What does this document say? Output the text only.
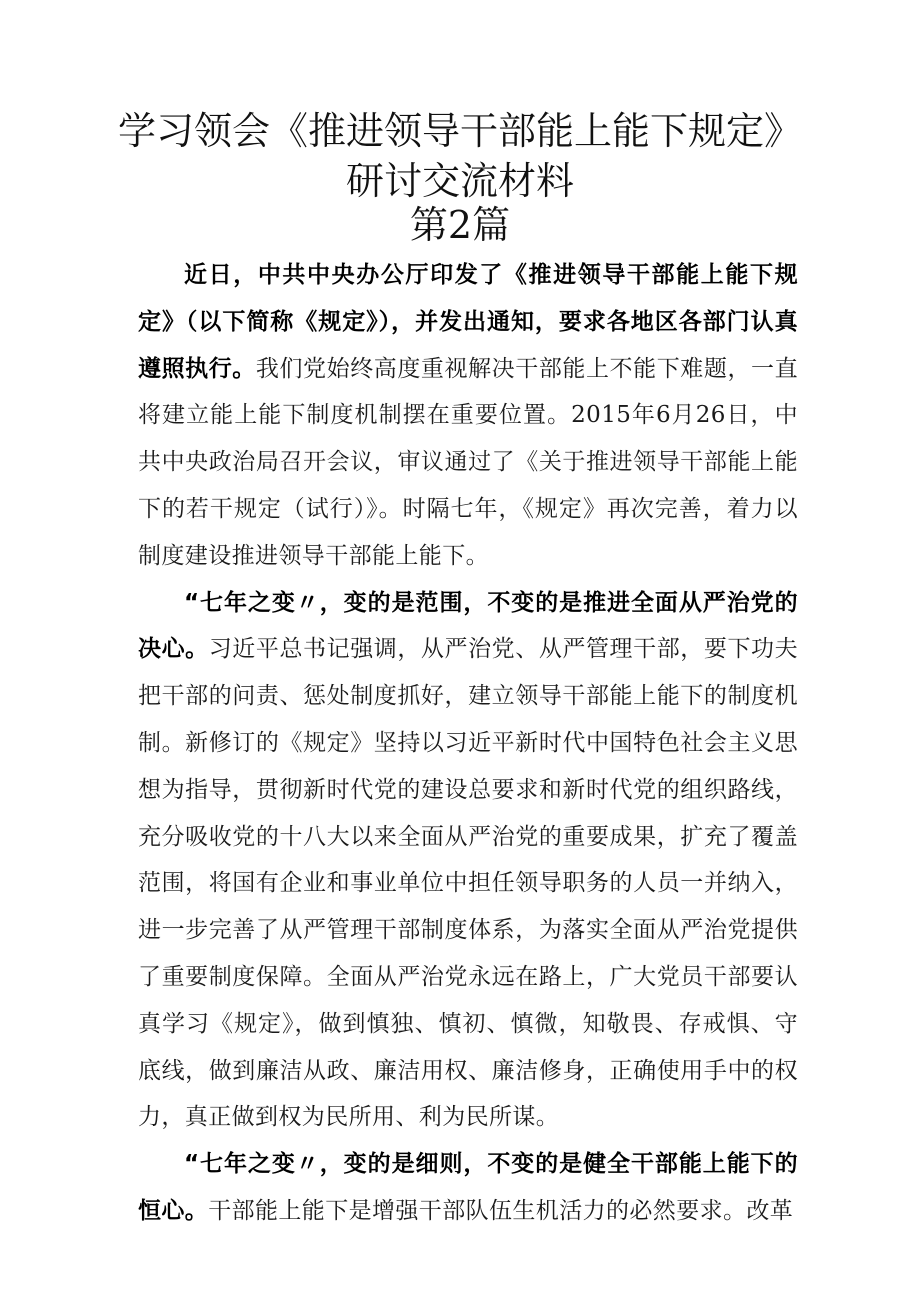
学习领会《推进领导干部能上能下规定》
研讨交流材料
第2篇

近日，中共中央办公厅印发了《推进领导干部能上能下规定》（以下简称《规定》），并发出通知，要求各地区各部门认真遵照执行。我们党始终高度重视解决干部能上不能下难题，一直将建立能上能下制度机制摆在重要位置。2015年6月26日，中共中央政治局召开会议，审议通过了《关于推进领导干部能上能下的若干规定（试行）》。时隔七年，《规定》再次完善，着力以制度建设推进领导干部能上能下。

“七年之变〃，变的是范围，不变的是推进全面从严治党的决心。习近平总书记强调，从严治党、从严管理干部，要下功夫把干部的问责、惩处制度抓好，建立领导干部能上能下的制度机制。新修订的《规定》坚持以习近平新时代中国特色社会主义思想为指导，贯彻新时代党的建设总要求和新时代党的组织路线，充分吸收党的十八大以来全面从严治党的重要成果，扩充了覆盖范围，将国有企业和事业单位中担任领导职务的人员一并纳入，进一步完善了从严管理干部制度体系，为落实全面从严治党提供了重要制度保障。全面从严治党永远在路上，广大党员干部要认真学习《规定》，做到慎独、慎初、慎微，知敬畏、存戒惧、守底线，做到廉洁从政、廉洁用权、廉洁修身，正确使用手中的权力，真正做到权为民所用、利为民所谋。

“七年之变〃，变的是细则，不变的是健全干部能上能下的恒心。干部能上能下是增强干部队伍生机活力的必然要求。改革
